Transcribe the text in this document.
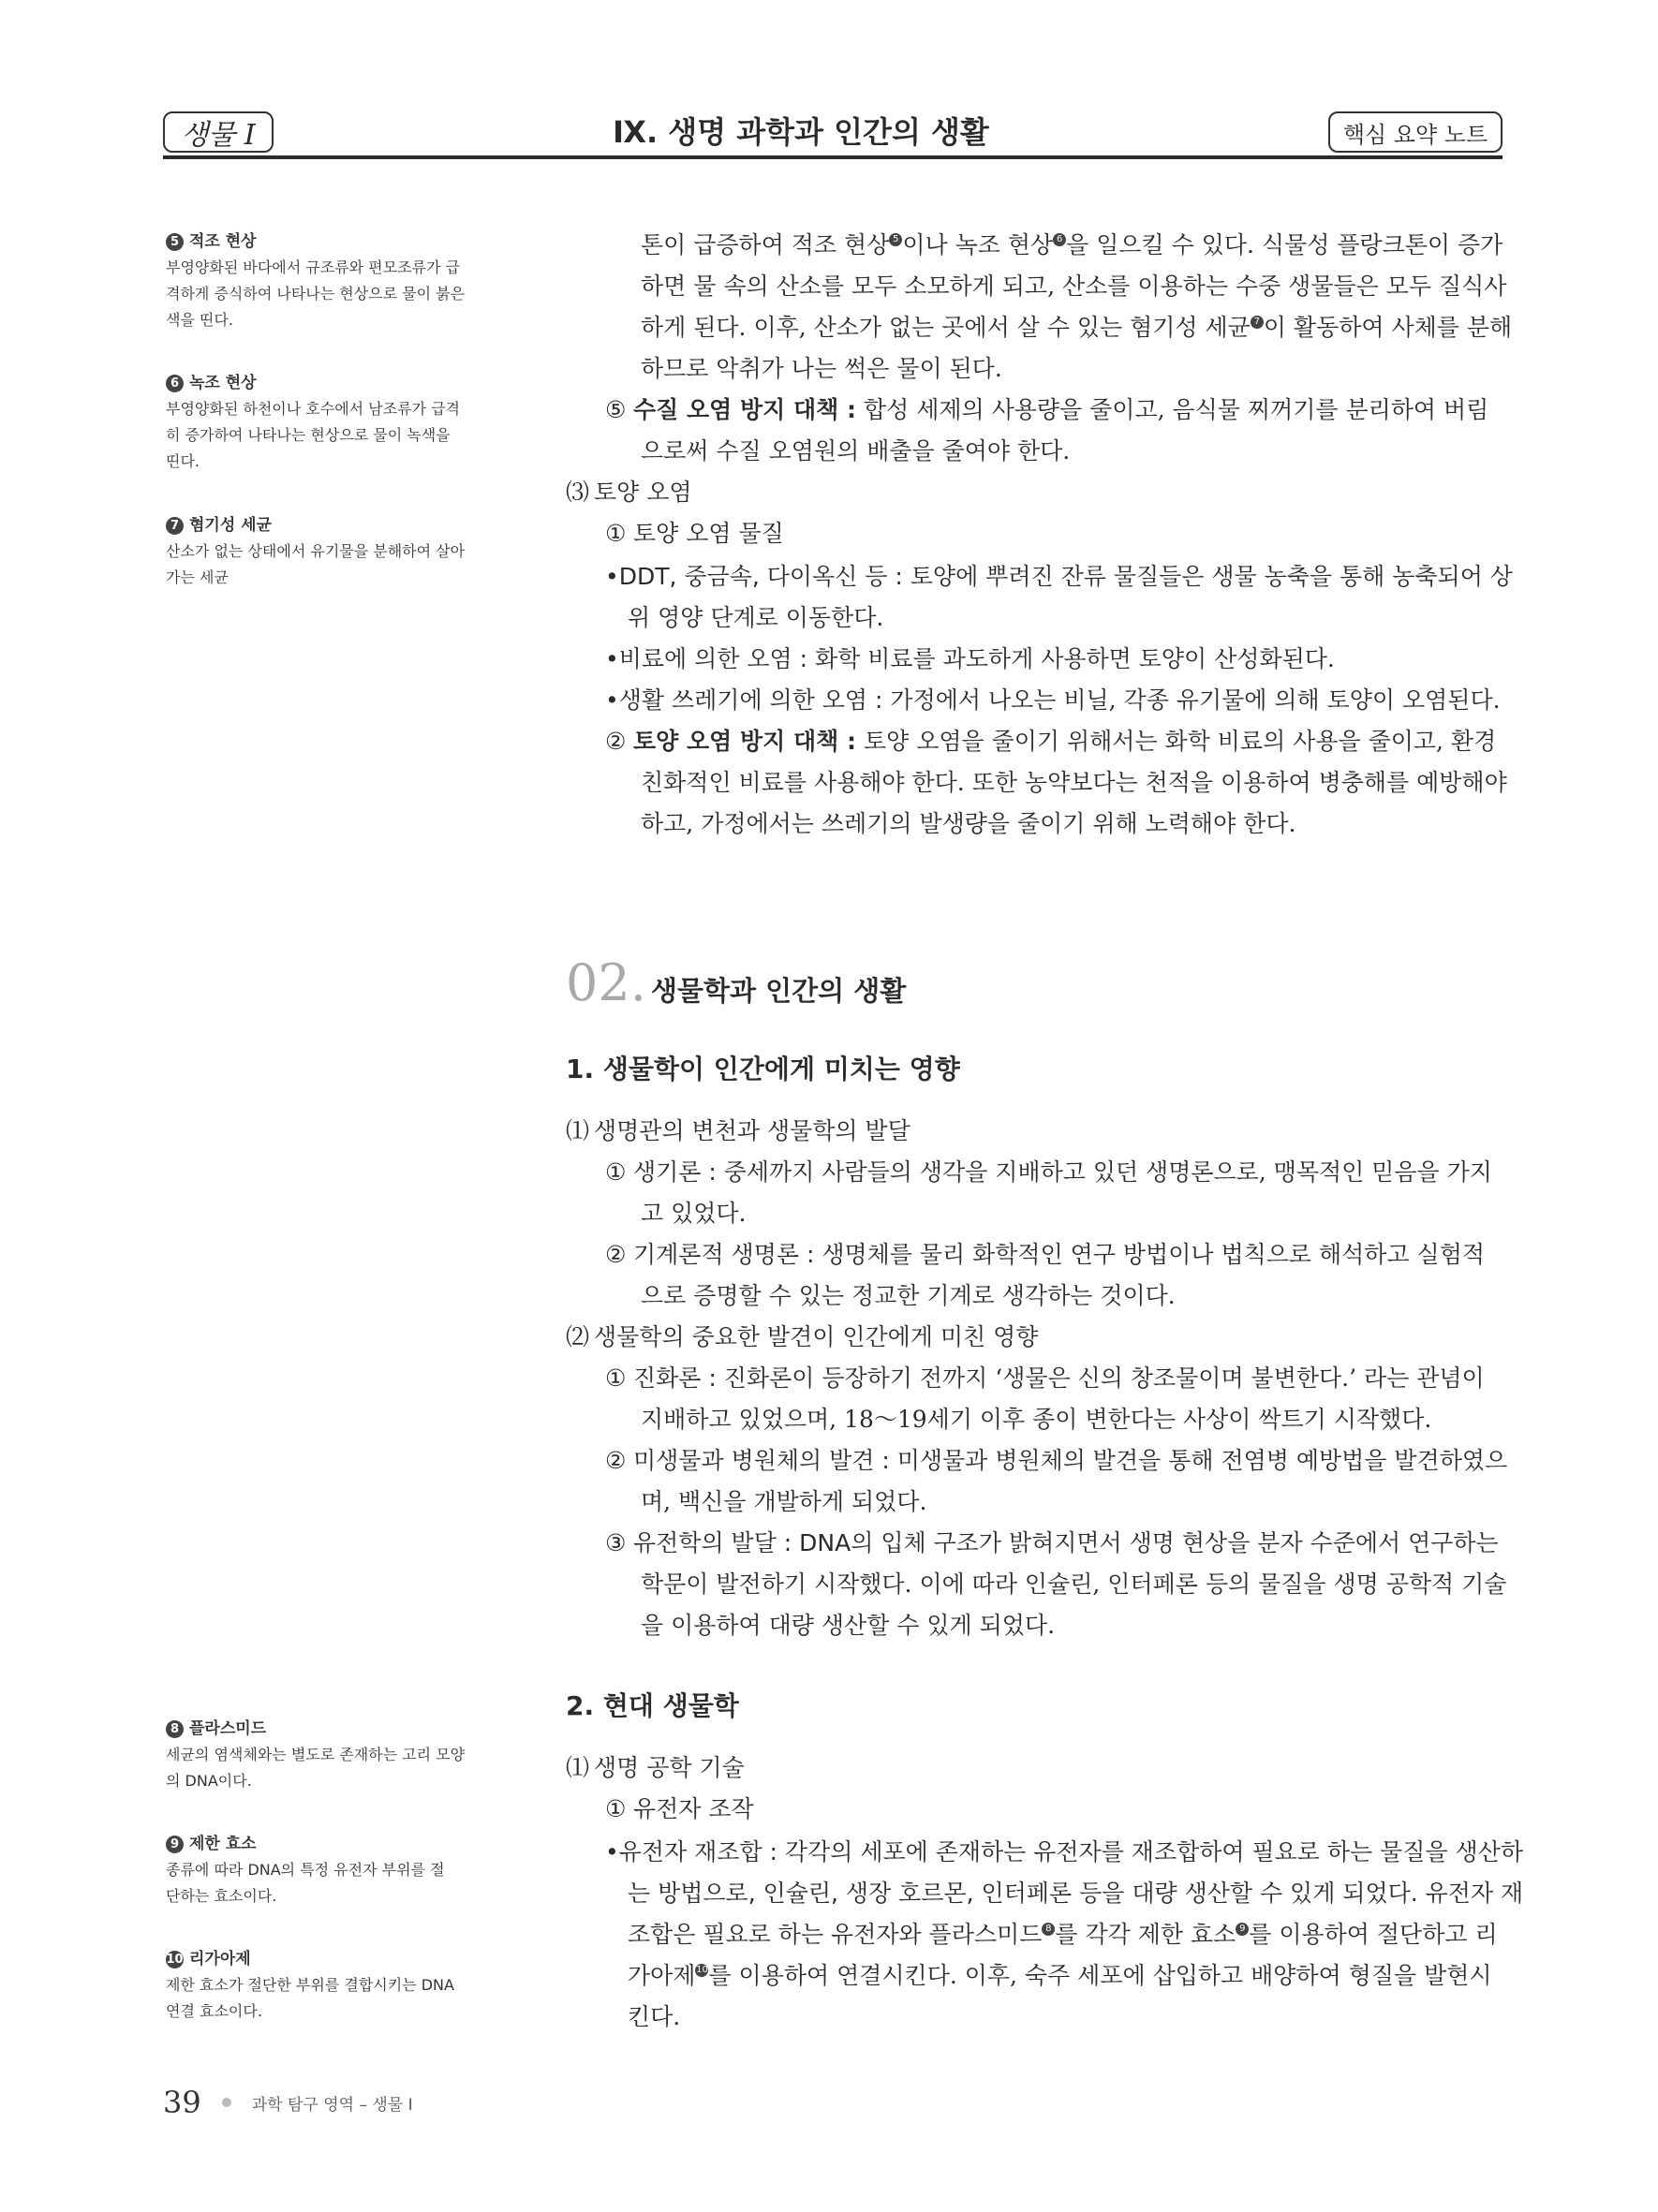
생물 I	Ⅸ. 생명 과학과 인간의 생활	핵심 요약 노트
5 적조 현상
부영양화된 바다에서 규조류와 편모조류가 급
격하게 증식하여 나타나는 현상으로 물이 붉은
색을 띤다.
6 녹조 현상
부영양화된 하천이나 호수에서 남조류가 급격
히 증가하여 나타나는 현상으로 물이 녹색을
띤다.
7 혐기성 세균
산소가 없는 상태에서 유기물을 분해하여 살아
가는 세균
8 플라스미드
세균의 염색체와는 별도로 존재하는 고리 모양
의 DNA이다.
9 제한 효소
종류에 따라 DNA의 특정 유전자 부위를 절
단하는 효소이다.
10 리가아제
제한 효소가 절단한 부위를 결합시키는 DNA
연결 효소이다.
톤이 급증하여 적조 현상 $^5$ 이나 녹조 현상 $^6$ 을 일으킬 수 있다. 식물성 플랑크톤이 증가
하면 물 속의 산소를 모두 소모하게 되고, 산소를 이용하는 수중 생물들은 모두 질식사
하게 된다. 이후, 산소가 없는 곳에서 살 수 있는 혐기성 세균 $^7$ 이 활동하여 사체를 분해
하므로 악취가 나는 썩은 물이 된다.
⑤ 수질 오염 방지 대책 : 합성 세제의 사용량을 줄이고, 음식물 찌꺼기를 분리하여 버림
으로써 수질 오염원의 배출을 줄여야 한다.
⑶ 토양 오염
① 토양 오염 물질
•DDT, 중금속, 다이옥신 등 : 토양에 뿌려진 잔류 물질들은 생물 농축을 통해 농축되어 상
위 영양 단계로 이동한다.
•비료에 의한 오염 : 화학 비료를 과도하게 사용하면 토양이 산성화된다.
•생활 쓰레기에 의한 오염 : 가정에서 나오는 비닐, 각종 유기물에 의해 토양이 오염된다.
② 토양 오염 방지 대책 : 토양 오염을 줄이기 위해서는 화학 비료의 사용을 줄이고, 환경
친화적인 비료를 사용해야 한다. 또한 농약보다는 천적을 이용하여 병충해를 예방해야
하고, 가정에서는 쓰레기의 발생량을 줄이기 위해 노력해야 한다.
02. 생물학과 인간의 생활
1. 생물학이 인간에게 미치는 영향
⑴ 생명관의 변천과 생물학의 발달
① 생기론 : 중세까지 사람들의 생각을 지배하고 있던 생명론으로, 맹목적인 믿음을 가지
고 있었다.
② 기계론적 생명론 : 생명체를 물리 화학적인 연구 방법이나 법칙으로 해석하고 실험적
으로 증명할 수 있는 정교한 기계로 생각하는 것이다.
⑵ 생물학의 중요한 발견이 인간에게 미친 영향
① 진화론 : 진화론이 등장하기 전까지 ‘생물은 신의 창조물이며 불변한다.’ 라는 관념이
지배하고 있었으며, 18～19세기 이후 종이 변한다는 사상이 싹트기 시작했다.
② 미생물과 병원체의 발견 : 미생물과 병원체의 발견을 통해 전염병 예방법을 발견하였으
며, 백신을 개발하게 되었다.
③ 유전학의 발달 : DNA의 입체 구조가 밝혀지면서 생명 현상을 분자 수준에서 연구하는
학문이 발전하기 시작했다. 이에 따라 인슐린, 인터페론 등의 물질을 생명 공학적 기술
을 이용하여 대량 생산할 수 있게 되었다.
2. 현대 생물학
⑴ 생명 공학 기술
① 유전자 조작
•유전자 재조합 : 각각의 세포에 존재하는 유전자를 재조합하여 필요로 하는 물질을 생산하
는 방법으로, 인슐린, 생장 호르몬, 인터페론 등을 대량 생산할 수 있게 되었다. 유전자 재
조합은 필요로 하는 유전자와 플라스미드 $^8$ 를 각각 제한 효소 $^9$ 를 이용하여 절단하고 리
가아제$^{10}$를 이용하여 연결시킨다. 이후, 숙주 세포에 삽입하고 배양하여 형질을 발현시
킨다.
39	과학 탐구 영역 – 생물 I
